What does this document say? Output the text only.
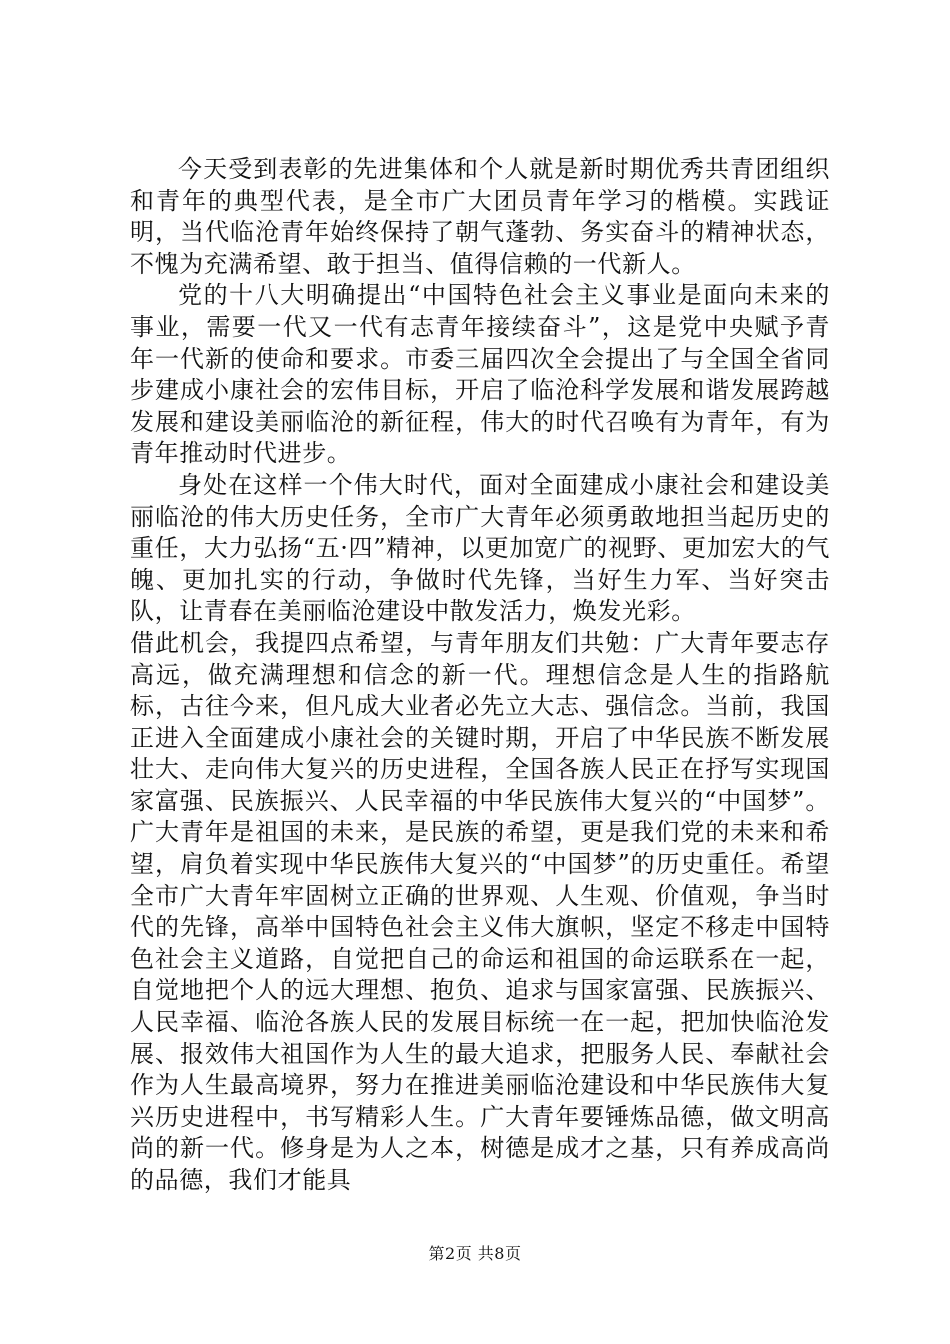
今天受到表彰的先进集体和个人就是新时期优秀共青团组织和青年的典型代表，是全市广大团员青年学习的楷模。实践证明，当代临沧青年始终保持了朝气蓬勃、务实奋斗的精神状态，不愧为充满希望、敢于担当、值得信赖的一代新人。

党的十八大明确提出“中国特色社会主义事业是面向未来的事业，需要一代又一代有志青年接续奋斗”，这是党中央赋予青年一代新的使命和要求。市委三届四次全会提出了与全国全省同步建成小康社会的宏伟目标，开启了临沧科学发展和谐发展跨越发展和建设美丽临沧的新征程，伟大的时代召唤有为青年，有为青年推动时代进步。

身处在这样一个伟大时代，面对全面建成小康社会和建设美丽临沧的伟大历史任务，全市广大青年必须勇敢地担当起历史的重任，大力弘扬“五·四”精神，以更加宽广的视野、更加宏大的气魄、更加扎实的行动，争做时代先锋，当好生力军、当好突击队，让青春在美丽临沧建设中散发活力，焕发光彩。

借此机会，我提四点希望，与青年朋友们共勉：广大青年要志存高远，做充满理想和信念的新一代。理想信念是人生的指路航标，古往今来，但凡成大业者必先立大志、强信念。当前，我国正进入全面建成小康社会的关键时期，开启了中华民族不断发展壮大、走向伟大复兴的历史进程，全国各族人民正在抒写实现国家富强、民族振兴、人民幸福的中华民族伟大复兴的“中国梦”。广大青年是祖国的未来，是民族的希望，更是我们党的未来和希望，肩负着实现中华民族伟大复兴的“中国梦”的历史重任。希望全市广大青年牢固树立正确的世界观、人生观、价值观，争当时代的先锋，高举中国特色社会主义伟大旗帜，坚定不移走中国特色社会主义道路，自觉把自己的命运和祖国的命运联系在一起，自觉地把个人的远大理想、抱负、追求与国家富强、民族振兴、人民幸福、临沧各族人民的发展目标统一在一起，把加快临沧发展、报效伟大祖国作为人生的最大追求，把服务人民、奉献社会作为人生最高境界，努力在推进美丽临沧建设和中华民族伟大复兴历史进程中，书写精彩人生。广大青年要锤炼品德，做文明高尚的新一代。修身是为人之本，树德是成才之基，只有养成高尚的品德，我们才能具

第2页 共8页
